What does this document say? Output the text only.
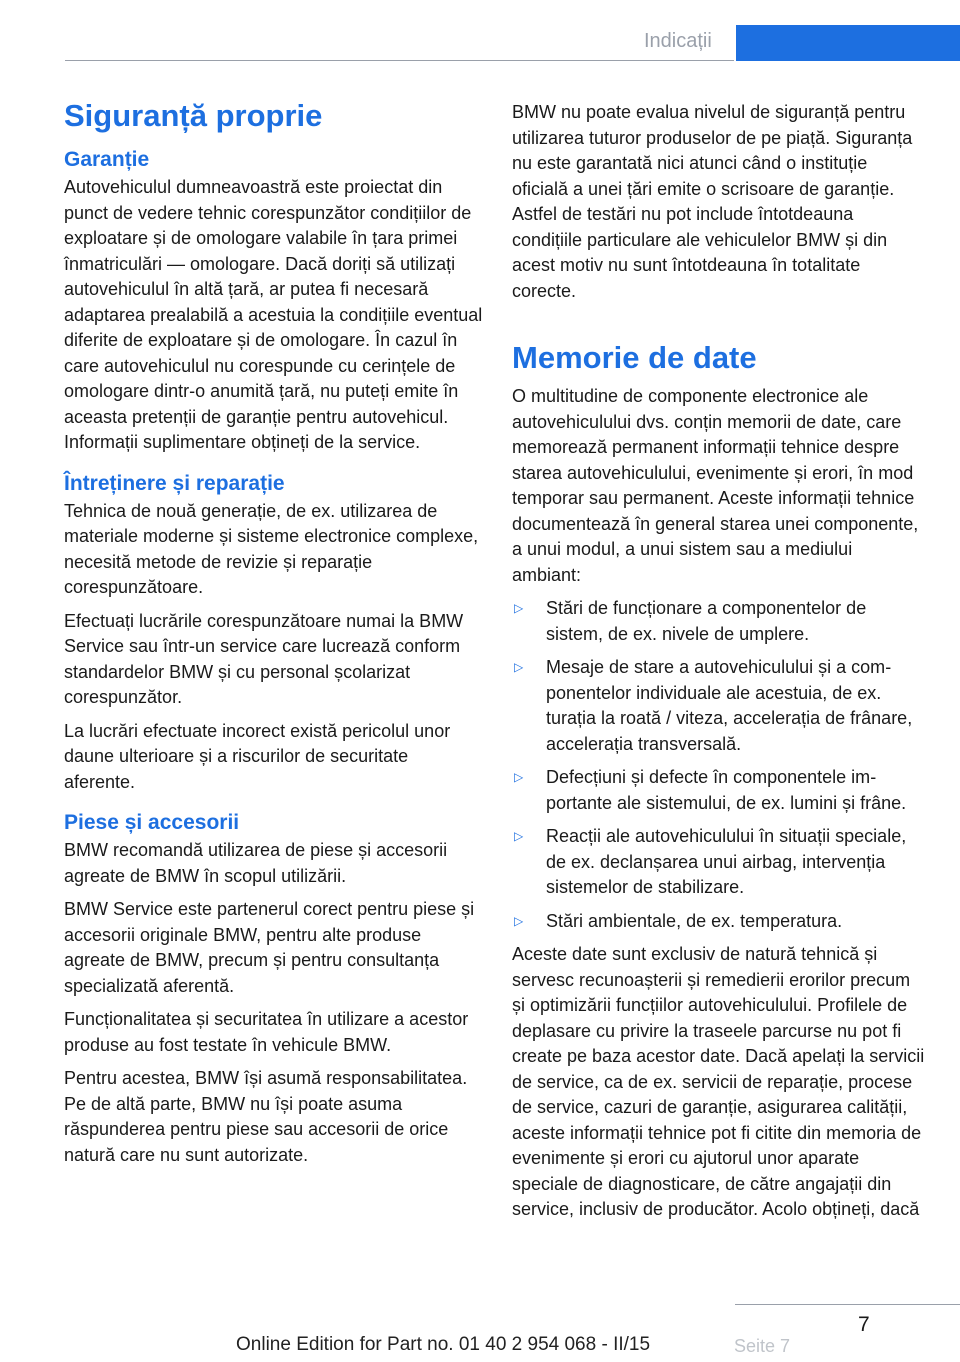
Indicații
Siguranță proprie
Garanție

Autovehiculul dumneavoastră este proiectat din punct de vedere tehnic corespunzător condițiilor de exploatare și de omologare valabile în țara primei înmatriculări — omologare. Dacă doriți să utilizați autovehiculul în altă țară, ar putea fi necesară adaptarea prealabilă a acestuia la condițiile eventual diferite de exploatare și de omologare. În cazul în care autovehiculul nu corespunde cu cerințele de omologare dintr-o anumită țară, nu puteți emite în aceasta pretenții de garanție pentru autovehicul. Informații suplimentare obțineți de la service.

Întreținere și reparație

Tehnica de nouă generație, de ex. utilizarea de materiale moderne și sisteme electronice complexe, necesită metode de revizie și reparație corespunzătoare.

Efectuați lucrările corespunzătoare numai la BMW Service sau într-un service care lucrează conform standardelor BMW și cu personal școlarizat corespunzător.

La lucrări efectuate incorect există pericolul unor daune ulterioare și a riscurilor de securitate aferente.

Piese și accesorii

BMW recomandă utilizarea de piese și accesorii agreate de BMW în scopul utilizării.

BMW Service este partenerul corect pentru piese și accesorii originale BMW, pentru alte produse agreate de BMW, precum și pentru consultanța specializată aferentă.

Funcționalitatea și securitatea în utilizare a acestor produse au fost testate în vehicule BMW.

Pentru acestea, BMW își asumă responsabilitatea. Pe de altă parte, BMW nu își poate asuma răspunderea pentru piese sau accesorii de orice natură care nu sunt autorizate.

BMW nu poate evalua nivelul de siguranță pentru utilizarea tuturor produselor de pe piață. Siguranța nu este garantată nici atunci când o instituție oficială a unei țări emite o scrisoare de garanție. Astfel de testări nu pot include întotdeauna condițiile particulare ale vehiculelor BMW și din acest motiv nu sunt întotdeauna în totalitate corecte.

Memorie de date

O multitudine de componente electronice ale autovehiculului dvs. conțin memorii de date, care memorează permanent informații tehnice despre starea autovehiculului, evenimente și erori, în mod temporar sau permanent. Aceste informații tehnice documentează în general starea unei componente, a unui modul, a unui sistem sau a mediului ambiant:

▷ Stări de funcționare a componentelor de sistem, de ex. nivele de umplere.
▷ Mesaje de stare a autovehiculului și a componentelor individuale ale acestuia, de ex. turația la roată / viteza, accelerația de frânare, accelerația transversală.
▷ Defecțiuni și defecte în componentele importante ale sistemului, de ex. lumini și frâne.
▷ Reacții ale autovehiculului în situații speciale, de ex. declanșarea unui airbag, intervenția sistemelor de stabilizare.
▷ Stări ambientale, de ex. temperatura.

Aceste date sunt exclusiv de natură tehnică și servesc recunoașterii și remedierii erorilor precum și optimizării funcțiilor autovehiculului. Profilele de deplasare cu privire la traseele parcurse nu pot fi create pe baza acestor date. Dacă apelați la servicii de service, ca de ex. servicii de reparație, procese de service, cazuri de garanție, asigurarea calității, aceste informații tehnice pot fi citite din memoria de evenimente și erori cu ajutorul unor aparate speciale de diagnosticare, de către angajații din service, inclusiv de producător. Acolo obțineți, dacă

7
Online Edition for Part no. 01 40 2 954 068 - II/15	Seite 7
